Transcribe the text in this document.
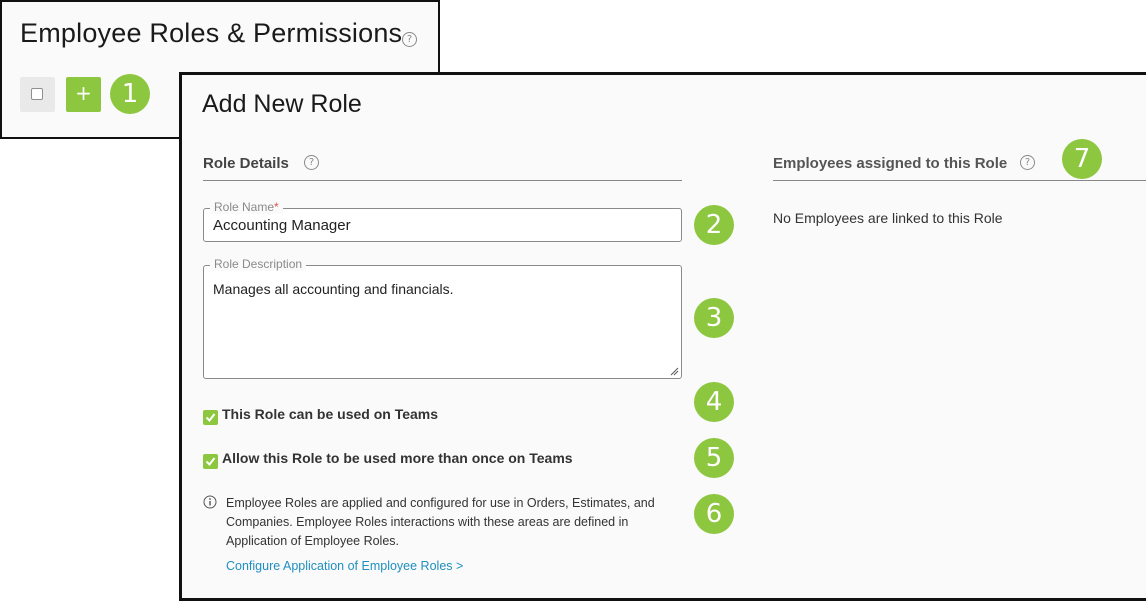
Employee Roles & Permissions ?
+	1	Add New Role
Role Details	?
Role Name*
Accounting Manager	2
Role Description
Manages all accounting and financials.
3
This Role can be used on Teams	4
Allow this Role to be used more than once on Teams	5
Employee Roles are applied and configured for use in Orders, Estimates, and Companies. Employee Roles interactions with these areas are defined in Application of Employee Roles.
Configure Application of Employee Roles >
6
Employees assigned to this Role	?	7
No Employees are linked to this Role
